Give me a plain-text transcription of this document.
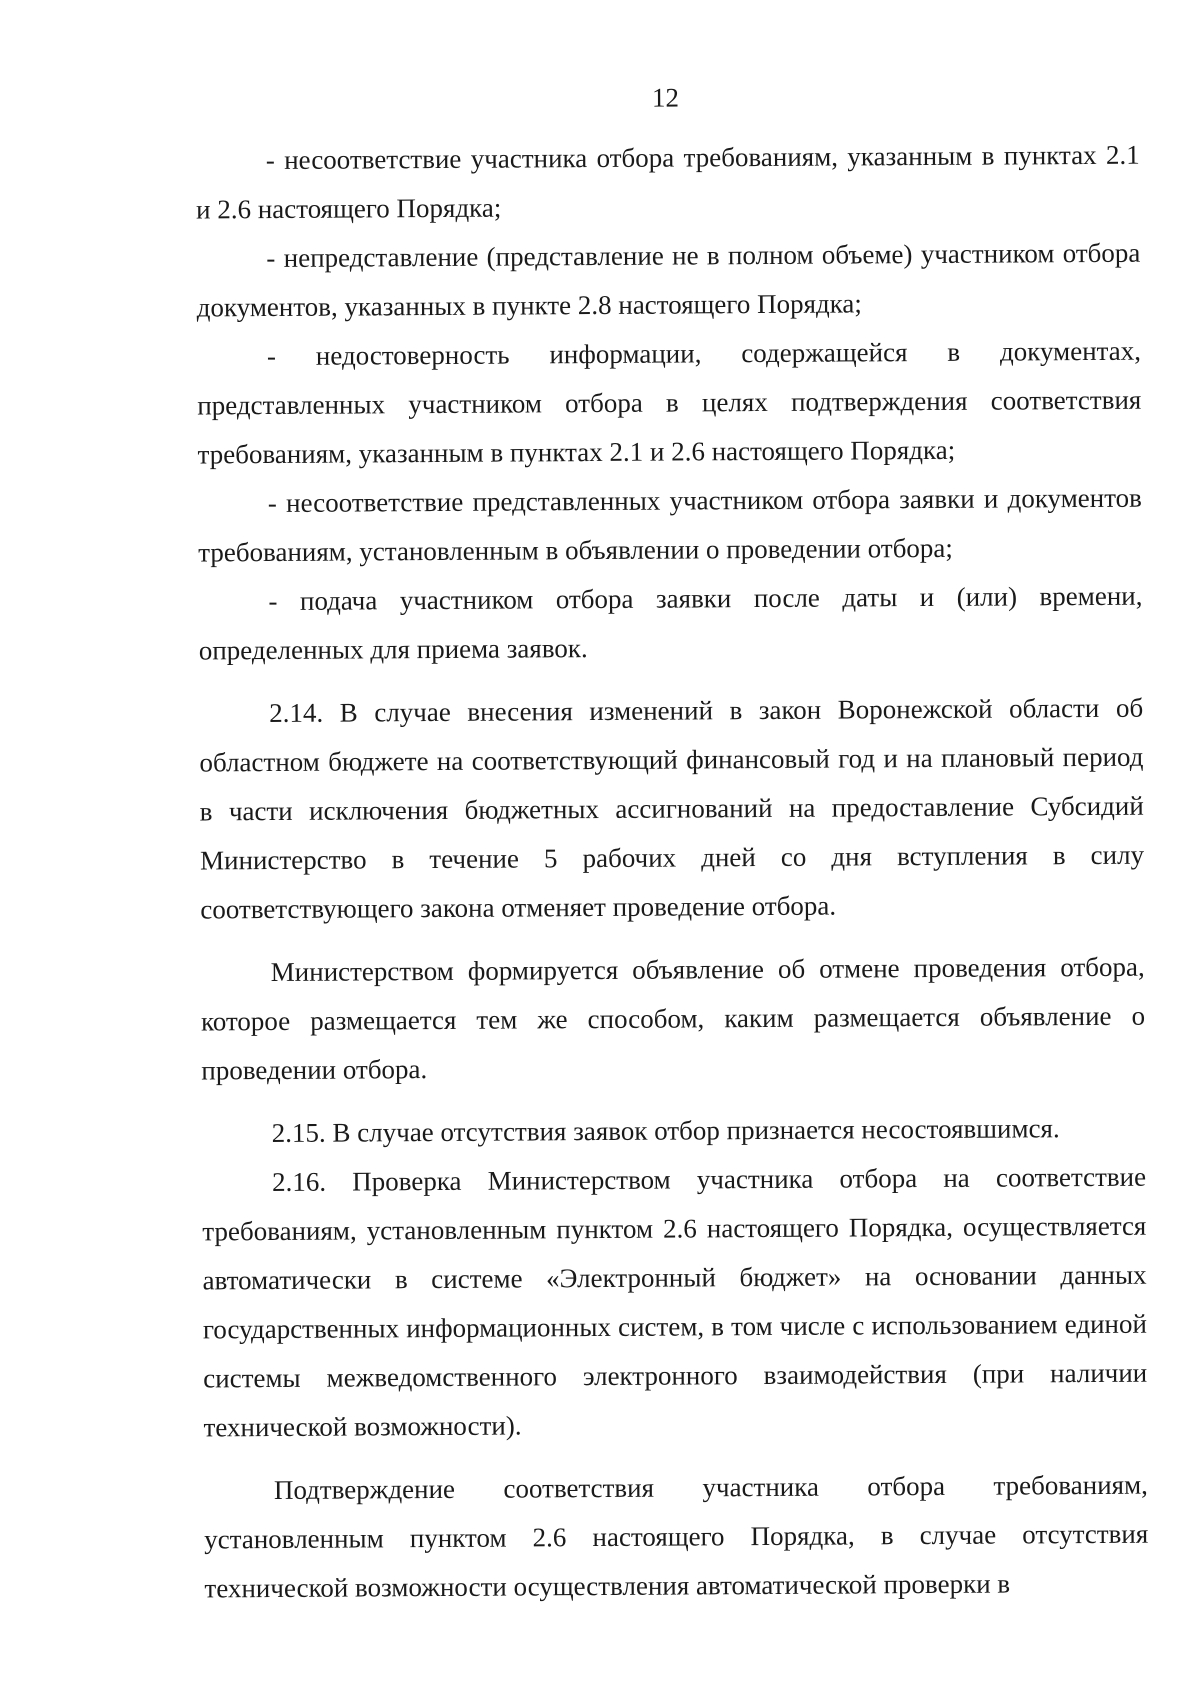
12

- несоответствие участника отбора требованиям, указанным в пунктах 2.1 и 2.6 настоящего Порядка;

- непредставление (представление не в полном объеме) участником отбора документов, указанных в пункте 2.8 настоящего Порядка;

- недостоверность информации, содержащейся в документах, представленных участником отбора в целях подтверждения соответствия требованиям, указанным в пунктах 2.1 и 2.6 настоящего Порядка;

- несоответствие представленных участником отбора заявки и документов требованиям, установленным в объявлении о проведении отбора;

- подача участником отбора заявки после даты и (или) времени, определенных для приема заявок.

2.14. В случае внесения изменений в закон Воронежской области об областном бюджете на соответствующий финансовый год и на плановый период в части исключения бюджетных ассигнований на предоставление Субсидий Министерство в течение 5 рабочих дней со дня вступления в силу соответствующего закона отменяет проведение отбора.

Министерством формируется объявление об отмене проведения отбора, которое размещается тем же способом, каким размещается объявление о проведении отбора.

2.15. В случае отсутствия заявок отбор признается несостоявшимся.

2.16. Проверка Министерством участника отбора на соответствие требованиям, установленным пунктом 2.6 настоящего Порядка, осуществляется автоматически в системе «Электронный бюджет» на основании данных государственных информационных систем, в том числе с использованием единой системы межведомственного электронного взаимодействия (при наличии технической возможности).

Подтверждение соответствия участника отбора требованиям, установленным пунктом 2.6 настоящего Порядка, в случае отсутствия технической возможности осуществления автоматической проверки в
